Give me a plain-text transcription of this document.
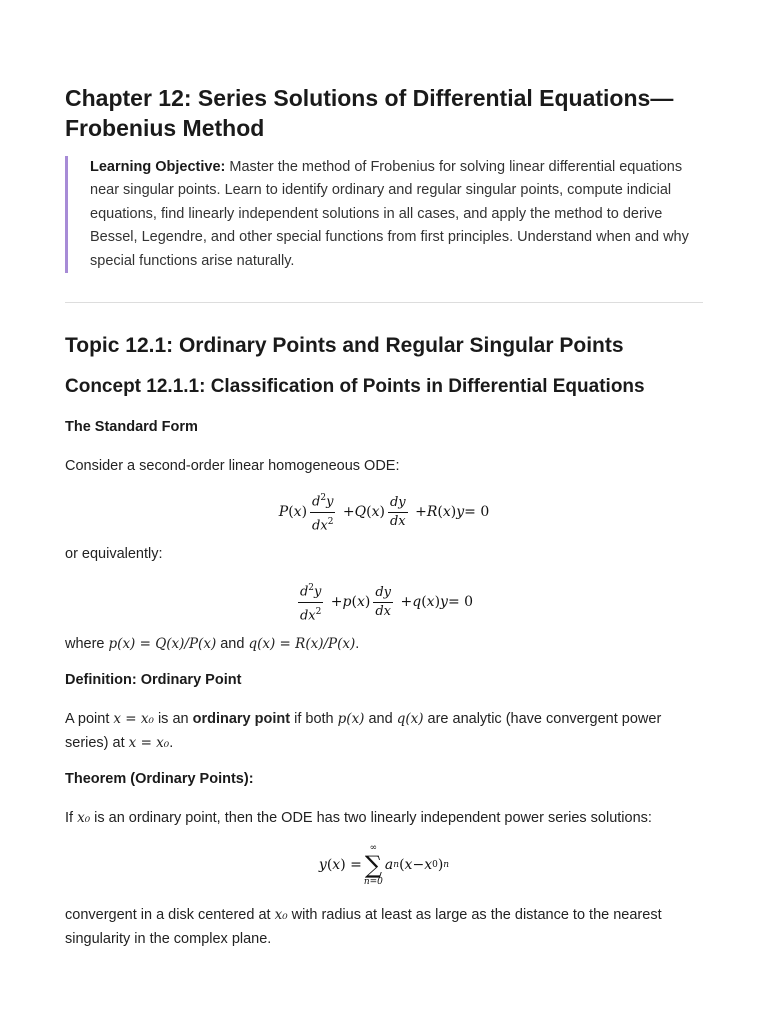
Chapter 12: Series Solutions of Differential Equations—Frobenius Method
Learning Objective: Master the method of Frobenius for solving linear differential equations near singular points. Learn to identify ordinary and regular singular points, compute indicial equations, find linearly independent solutions in all cases, and apply the method to derive Bessel, Legendre, and other special functions from first principles. Understand when and why special functions arise naturally.
Topic 12.1: Ordinary Points and Regular Singular Points
Concept 12.1.1: Classification of Points in Differential Equations
The Standard Form

Consider a second-order linear homogeneous ODE:

P ( x ) $\frac{d^2y}{dx^2} + Q$ ( x ) $\frac{dy}{dx} + R$ ( x ) y = 0

or equivalently:

$\frac{d^2y}{dx^2} + p$ ( x ) $\frac{dy}{dx} + q$ ( x ) y = 0

where p(x) = Q(x)/P(x) and q(x) = R(x)/P(x).

Definition: Ordinary Point

A point x = x₀ is an ordinary point if both p(x) and q(x) are analytic (have convergent power series) at x = x₀.

Theorem (Ordinary Points):

If x₀ is an ordinary point, then the ODE has two linearly independent power series solutions:

y ( x ) =
∞
∑
n=0
a n ( x − x 0 ) n

convergent in a disk centered at x₀ with radius at least as large as the distance to the nearest singularity in the complex plane.
